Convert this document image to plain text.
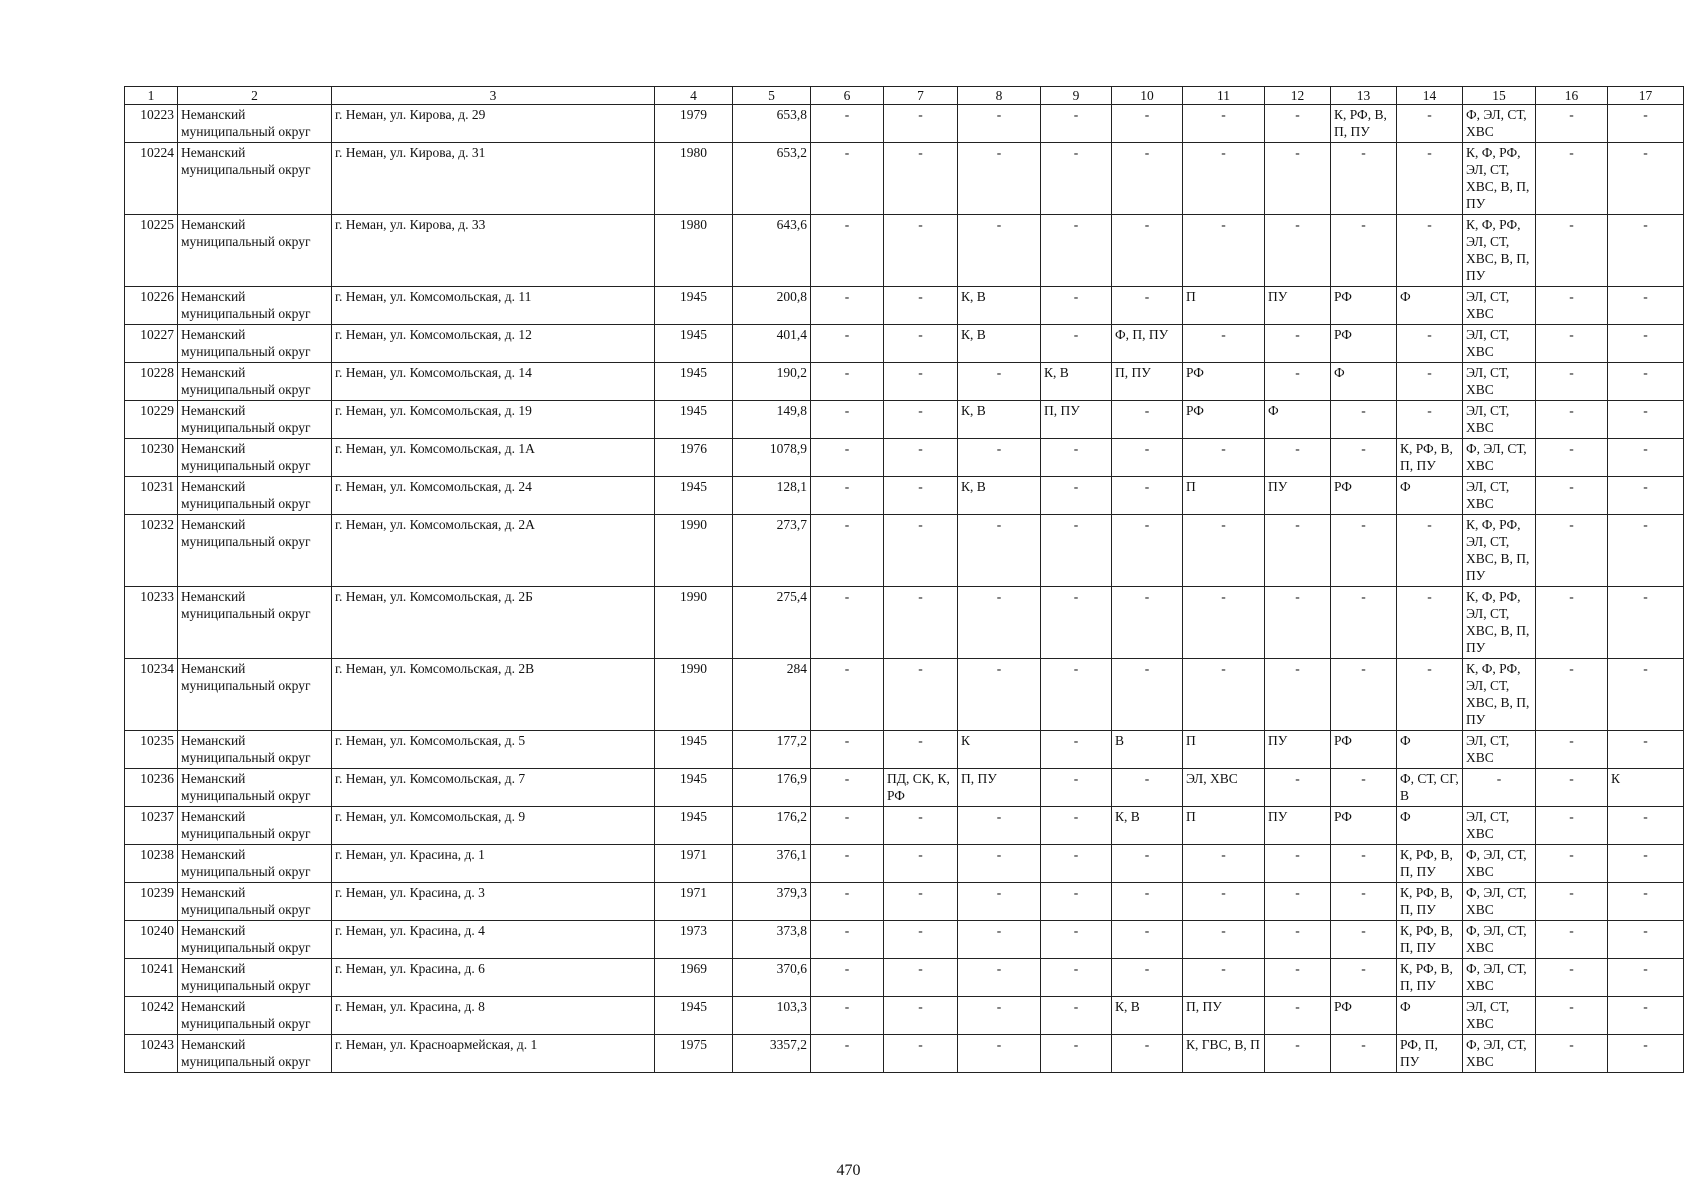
1	2	3	4	5	6	7	8	9	10	11	12	13	14	15	16	17
10223	Неманский муниципальный округ	г. Неман, ул. Кирова, д. 29	1979	653,8	-	-	-	-	-	-	-	К, РФ, В, П, ПУ	-	Ф, ЭЛ, СТ, ХВС	-	-
10224	Неманский муниципальный округ	г. Неман, ул. Кирова, д. 31	1980	653,2	-	-	-	-	-	-	-	-	-	К, Ф, РФ, ЭЛ, СТ, ХВС, В, П, ПУ	-	-
10225	Неманский муниципальный округ	г. Неман, ул. Кирова, д. 33	1980	643,6	-	-	-	-	-	-	-	-	-	К, Ф, РФ, ЭЛ, СТ, ХВС, В, П, ПУ	-	-
10226	Неманский муниципальный округ	г. Неман, ул. Комсомольская, д. 11	1945	200,8	-	-	К, В	-	-	П	ПУ	РФ	Ф	ЭЛ, СТ, ХВС	-	-
10227	Неманский муниципальный округ	г. Неман, ул. Комсомольская, д. 12	1945	401,4	-	-	К, В	-	Ф, П, ПУ	-	-	РФ	-	ЭЛ, СТ, ХВС	-	-
10228	Неманский муниципальный округ	г. Неман, ул. Комсомольская, д. 14	1945	190,2	-	-	-	К, В	П, ПУ	РФ	-	Ф	-	ЭЛ, СТ, ХВС	-	-
10229	Неманский муниципальный округ	г. Неман, ул. Комсомольская, д. 19	1945	149,8	-	-	К, В	П, ПУ	-	РФ	Ф	-	-	ЭЛ, СТ, ХВС	-	-
10230	Неманский муниципальный округ	г. Неман, ул. Комсомольская, д. 1А	1976	1078,9	-	-	-	-	-	-	-	-	К, РФ, В, П, ПУ	Ф, ЭЛ, СТ, ХВС	-	-
10231	Неманский муниципальный округ	г. Неман, ул. Комсомольская, д. 24	1945	128,1	-	-	К, В	-	-	П	ПУ	РФ	Ф	ЭЛ, СТ, ХВС	-	-
10232	Неманский муниципальный округ	г. Неман, ул. Комсомольская, д. 2А	1990	273,7	-	-	-	-	-	-	-	-	-	К, Ф, РФ, ЭЛ, СТ, ХВС, В, П, ПУ	-	-
10233	Неманский муниципальный округ	г. Неман, ул. Комсомольская, д. 2Б	1990	275,4	-	-	-	-	-	-	-	-	-	К, Ф, РФ, ЭЛ, СТ, ХВС, В, П, ПУ	-	-
10234	Неманский муниципальный округ	г. Неман, ул. Комсомольская, д. 2В	1990	284	-	-	-	-	-	-	-	-	-	К, Ф, РФ, ЭЛ, СТ, ХВС, В, П, ПУ	-	-
10235	Неманский муниципальный округ	г. Неман, ул. Комсомольская, д. 5	1945	177,2	-	-	К	-	В	П	ПУ	РФ	Ф	ЭЛ, СТ, ХВС	-	-
10236	Неманский муниципальный округ	г. Неман, ул. Комсомольская, д. 7	1945	176,9	-	ПД, СК, К, РФ	П, ПУ	-	-	ЭЛ, ХВС	-	-	Ф, СТ, СГ, В	-	-	К
10237	Неманский муниципальный округ	г. Неман, ул. Комсомольская, д. 9	1945	176,2	-	-	-	-	К, В	П	ПУ	РФ	Ф	ЭЛ, СТ, ХВС	-	-
10238	Неманский муниципальный округ	г. Неман, ул. Красина, д. 1	1971	376,1	-	-	-	-	-	-	-	-	К, РФ, В, П, ПУ	Ф, ЭЛ, СТ, ХВС	-	-
10239	Неманский муниципальный округ	г. Неман, ул. Красина, д. 3	1971	379,3	-	-	-	-	-	-	-	-	К, РФ, В, П, ПУ	Ф, ЭЛ, СТ, ХВС	-	-
10240	Неманский муниципальный округ	г. Неман, ул. Красина, д. 4	1973	373,8	-	-	-	-	-	-	-	-	К, РФ, В, П, ПУ	Ф, ЭЛ, СТ, ХВС	-	-
10241	Неманский муниципальный округ	г. Неман, ул. Красина, д. 6	1969	370,6	-	-	-	-	-	-	-	-	К, РФ, В, П, ПУ	Ф, ЭЛ, СТ, ХВС	-	-
10242	Неманский муниципальный округ	г. Неман, ул. Красина, д. 8	1945	103,3	-	-	-	-	К, В	П, ПУ	-	РФ	Ф	ЭЛ, СТ, ХВС	-	-
10243	Неманский муниципальный округ	г. Неман, ул. Красноармейская, д. 1	1975	3357,2	-	-	-	-	-	К, ГВС, В, П	-	-	РФ, П, ПУ	Ф, ЭЛ, СТ, ХВС	-	-
470
